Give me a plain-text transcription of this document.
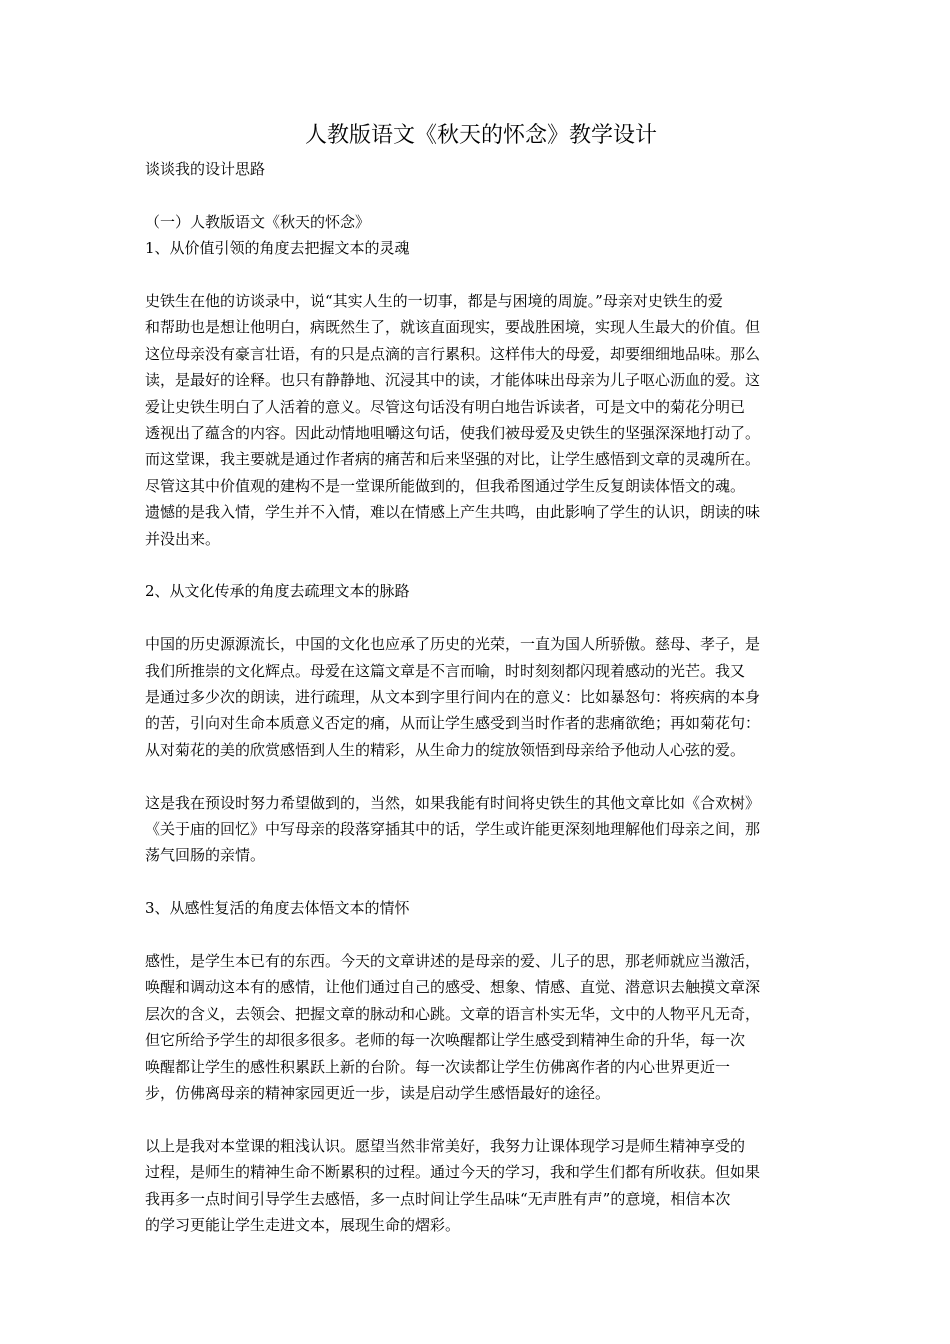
人教版语文《秋天的怀念》教学设计

谈谈我的设计思路

（一）人教版语文《秋天的怀念》

1、从价值引领的角度去把握文本的灵魂

史铁生在他的访谈录中，说“其实人生的一切事，都是与困境的周旋。”母亲对史铁生的爱

和帮助也是想让他明白，病既然生了，就该直面现实，要战胜困境，实现人生最大的价值。但

这位母亲没有豪言壮语，有的只是点滴的言行累积。这样伟大的母爱，却要细细地品味。那么

读，是最好的诠释。也只有静静地、沉浸其中的读，才能体味出母亲为儿子呕心沥血的爱。这

爱让史铁生明白了人活着的意义。尽管这句话没有明白地告诉读者，可是文中的菊花分明已

透视出了蕴含的内容。因此动情地咀嚼这句话，使我们被母爱及史铁生的坚强深深地打动了。

而这堂课，我主要就是通过作者病的痛苦和后来坚强的对比，让学生感悟到文章的灵魂所在。

尽管这其中价值观的建构不是一堂课所能做到的，但我希图通过学生反复朗读体悟文的魂。

遗憾的是我入情，学生并不入情，难以在情感上产生共鸣，由此影响了学生的认识，朗读的味

并没出来。

2、从文化传承的角度去疏理文本的脉路

中国的历史源源流长，中国的文化也应承了历史的光荣，一直为国人所骄傲。慈母、孝子，是

我们所推崇的文化辉点。母爱在这篇文章是不言而喻，时时刻刻都闪现着感动的光芒。我又

是通过多少次的朗读，进行疏理，从文本到字里行间内在的意义：比如暴怒句：将疾病的本身

的苦，引向对生命本质意义否定的痛，从而让学生感受到当时作者的悲痛欲绝；再如菊花句：

从对菊花的美的欣赏感悟到人生的精彩，从生命力的绽放领悟到母亲给予他动人心弦的爱。

这是我在预设时努力希望做到的，当然，如果我能有时间将史铁生的其他文章比如《合欢树》

《关于庙的回忆》中写母亲的段落穿插其中的话，学生或许能更深刻地理解他们母亲之间，那

荡气回肠的亲情。

3、从感性复活的角度去体悟文本的情怀

感性，是学生本已有的东西。今天的文章讲述的是母亲的爱、儿子的思，那老师就应当激活，

唤醒和调动这本有的感情，让他们通过自己的感受、想象、情感、直觉、潜意识去触摸文章深

层次的含义，去领会、把握文章的脉动和心跳。文章的语言朴实无华，文中的人物平凡无奇，

但它所给予学生的却很多很多。老师的每一次唤醒都让学生感受到精神生命的升华，每一次

唤醒都让学生的感性积累跃上新的台阶。每一次读都让学生仿佛离作者的内心世界更近一

步，仿佛离母亲的精神家园更近一步，读是启动学生感悟最好的途径。

以上是我对本堂课的粗浅认识。愿望当然非常美好，我努力让课体现学习是师生精神享受的

过程，是师生的精神生命不断累积的过程。通过今天的学习，我和学生们都有所收获。但如果

我再多一点时间引导学生去感悟，多一点时间让学生品味“无声胜有声”的意境，相信本次

的学习更能让学生走进文本，展现生命的熠彩。
